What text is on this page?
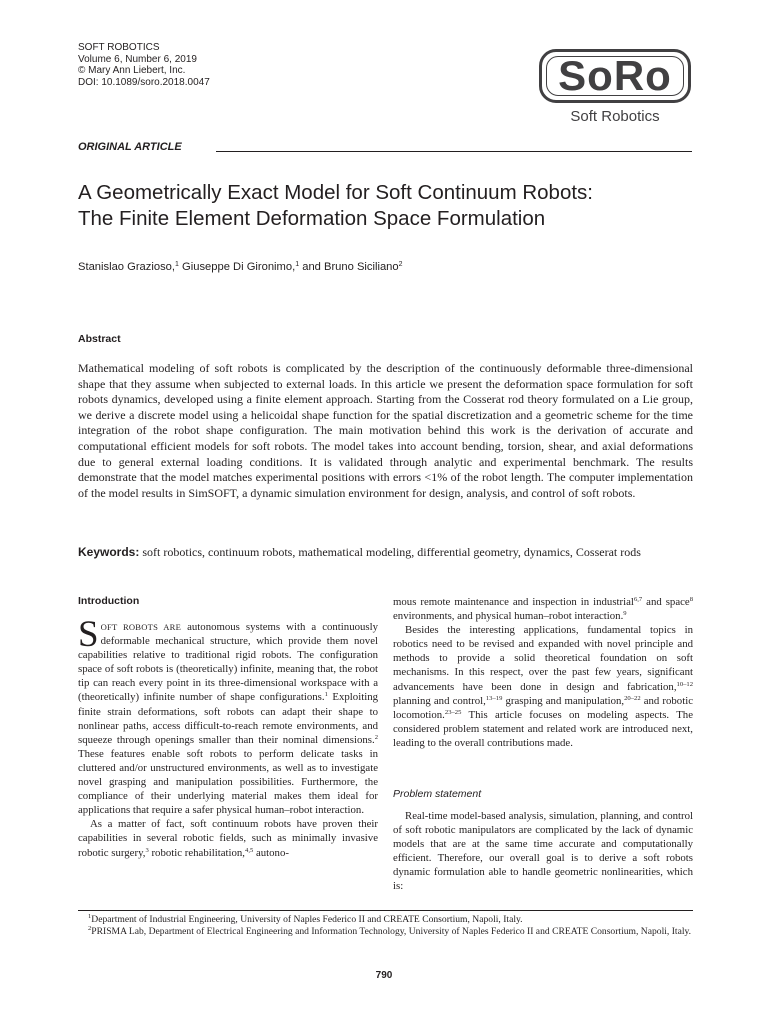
SOFT ROBOTICS
Volume 6, Number 6, 2019
© Mary Ann Liebert, Inc.
DOI: 10.1089/soro.2018.0047	SoRo
Soft Robotics
ORIGINAL ARTICLE
A Geometrically Exact Model for Soft Continuum Robots:
The Finite Element Deformation Space Formulation
Stanislao Grazioso,$^1$ Giuseppe Di Gironimo,$^1$ and Bruno Siciliano$^2$
Abstract
Mathematical modeling of soft robots is complicated by the description of the continuously deformable three-dimensional shape that they assume when subjected to external loads. In this article we present the deformation space formulation for soft robots dynamics, developed using a finite element approach. Starting from the Cosserat rod theory formulated on a Lie group, we derive a discrete model using a helicoidal shape function for the spatial discretization and a geometric scheme for the time integration of the robot shape configuration. The main motivation behind this work is the derivation of accurate and computational efficient models for soft robots. The model takes into account bending, torsion, shear, and axial deformations due to general external loading conditions. It is validated through analytic and experimental benchmark. The results demonstrate that the model matches experimental positions with errors <1% of the robot length. The computer implementation of the model results in SimSOFT, a dynamic simulation environment for design, analysis, and control of soft robots.
Keywords: soft robotics, continuum robots, mathematical modeling, differential geometry, dynamics, Cosserat rods
Introduction

SOFT ROBOTS ARE autonomous systems with a continuously deformable mechanical structure, which provide them novel capabilities relative to traditional rigid robots. The configuration space of soft robots is (theoretically) infinite, meaning that, the robot tip can reach every point in its three-dimensional workspace with a (theoretically) infinite number of shape configurations.$^1$ Exploiting finite strain deformations, soft robots can adapt their shape to nonlinear paths, access difficult-to-reach remote environments, and squeeze through openings smaller than their nominal dimensions.$^2$ These features enable soft robots to perform delicate tasks in cluttered and/or unstructured environments, as well as to investigate novel grasping and manipulation possibilities. Furthermore, the compliance of their underlying material makes them ideal for applications that require a safer physical human–robot interaction.

As a matter of fact, soft continuum robots have proven their capabilities in several robotic fields, such as minimally invasive robotic surgery,$^3$ robotic rehabilitation,$^{4,5}$ autono-

mous remote maintenance and inspection in industrial$^{6,7}$ and space$^8$ environments, and physical human–robot interaction.$^9$

Besides the interesting applications, fundamental topics in robotics need to be revised and expanded with novel principle and methods to provide a solid theoretical foundation on soft mechanisms. In this respect, over the past few years, significant advancements have been done in design and fabrication,$^{10-12}$ planning and control,$^{13-19}$ grasping and manipulation,$^{20-22}$ and robotic locomotion.$^{23-25}$ This article focuses on modeling aspects. The considered problem statement and related work are introduced next, leading to the overall contributions made.

Problem statement

Real-time model-based analysis, simulation, planning, and control of soft robotic manipulators are complicated by the lack of dynamic models that are at the same time accurate and computationally efficient. Therefore, our overall goal is to derive a soft robots dynamic formulation able to handle geometric nonlinearities, which is:

$^1$Department of Industrial Engineering, University of Naples Federico II and CREATE Consortium, Napoli, Italy.
$^2$PRISMA Lab, Department of Electrical Engineering and Information Technology, University of Naples Federico II and CREATE Consortium, Napoli, Italy.
790
